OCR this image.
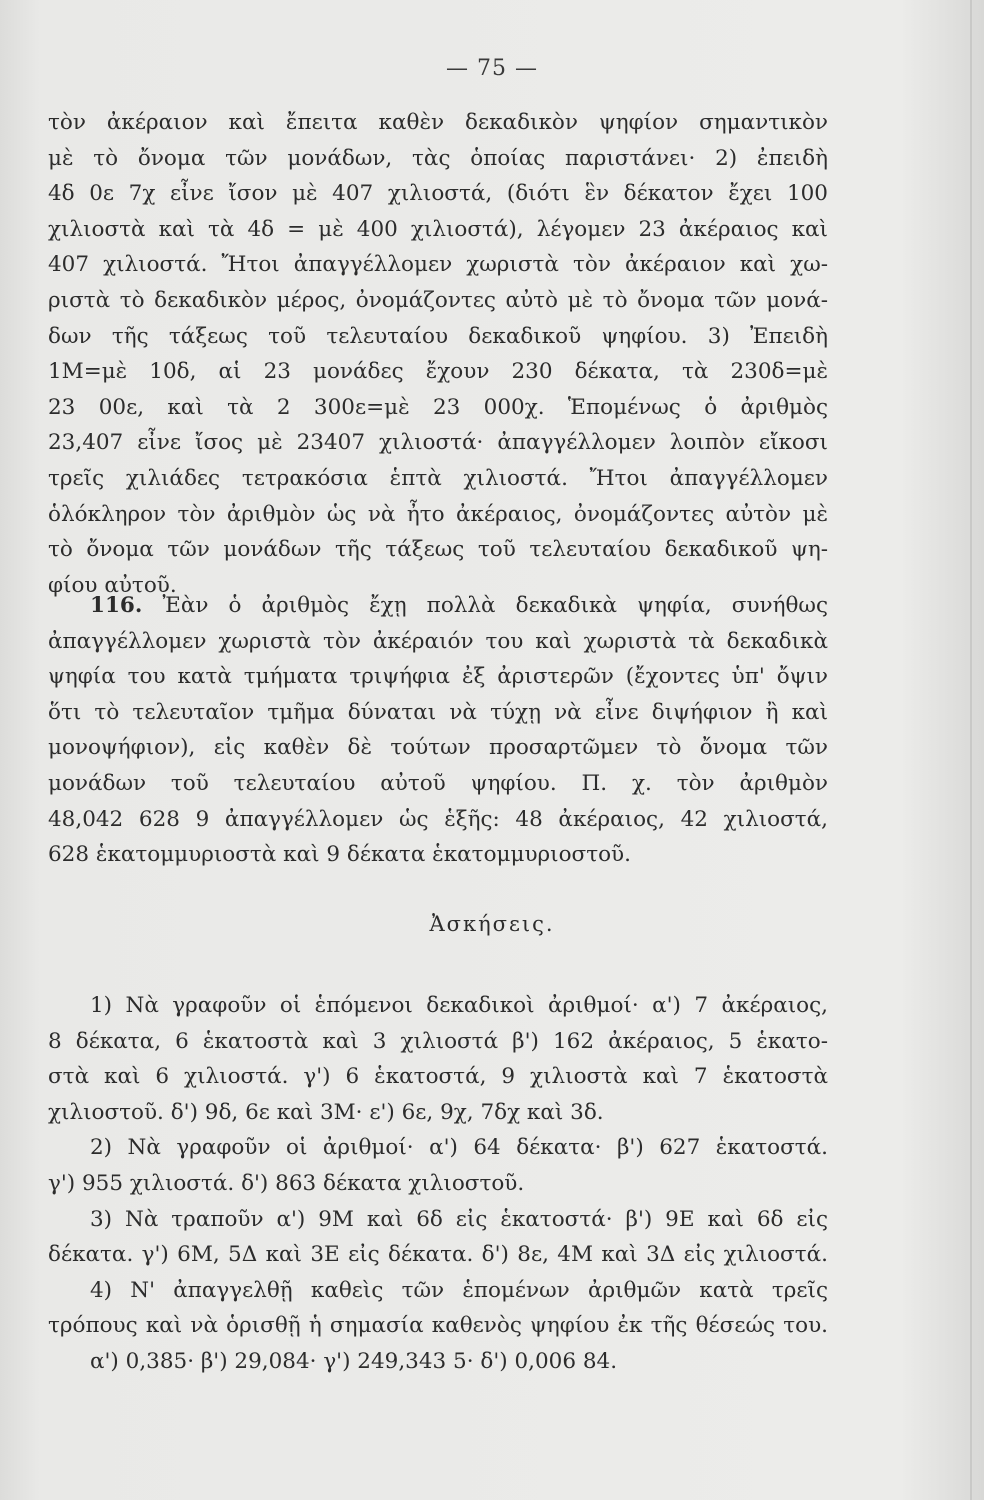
— 75 —
τὸν ἀκέραιον καὶ ἔπειτα καθὲν δεκαδικὸν ψηφίον σημαντικὸν
μὲ τὸ ὄνομα τῶν μονάδων, τὰς ὁποίας παριστάνει· 2) ἐπειδὴ
4δ 0ε 7χ εἶνε ἴσον μὲ 407 χιλιοστά, (διότι ἓν δέκατον ἔχει 100
χιλιοστὰ καὶ τὰ 4δ = μὲ 400 χιλιοστά), λέγομεν 23 ἀκέραιος καὶ
407 χιλιοστά. Ἤτοι ἀπαγγέλλομεν χωριστὰ τὸν ἀκέραιον καὶ χω-
ριστὰ τὸ δεκαδικὸν μέρος, ὀνομάζοντες αὐτὸ μὲ τὸ ὄνομα τῶν μονά-
δων τῆς τάξεως τοῦ τελευταίου δεκαδικοῦ ψηφίου. 3) Ἐπειδὴ
1Μ=μὲ 10δ, αἱ 23 μονάδες ἔχουν 230 δέκατα, τὰ 230δ=μὲ
23 00ε, καὶ τὰ 2 300ε=μὲ 23 000χ. Ἑπομένως ὁ ἀριθμὸς
23,407 εἶνε ἴσος μὲ 23407 χιλιοστά· ἀπαγγέλλομεν λοιπὸν εἴκοσι
τρεῖς χιλιάδες τετρακόσια ἑπτὰ χιλιοστά. Ἤτοι ἀπαγγέλλομεν
ὁλόκληρον τὸν ἀριθμὸν ὡς νὰ ἦτο ἀκέραιος, ὀνομάζοντες αὐτὸν μὲ
τὸ ὄνομα τῶν μονάδων τῆς τάξεως τοῦ τελευταίου δεκαδικοῦ ψη-
φίου αὐτοῦ.
116. Ἐὰν ὁ ἀριθμὸς ἔχῃ πολλὰ δεκαδικὰ ψηφία, συνήθως
ἀπαγγέλλομεν χωριστὰ τὸν ἀκέραιόν του καὶ χωριστὰ τὰ δεκαδικὰ
ψηφία του κατὰ τμήματα τριψήφια ἐξ ἀριστερῶν (ἔχοντες ὑπ' ὄψιν
ὅτι τὸ τελευταῖον τμῆμα δύναται νὰ τύχῃ νὰ εἶνε διψήφιον ἢ καὶ
μονοψήφιον), εἰς καθὲν δὲ τούτων προσαρτῶμεν τὸ ὄνομα τῶν
μονάδων τοῦ τελευταίου αὐτοῦ ψηφίου. Π. χ. τὸν ἀριθμὸν
48,042 628 9 ἀπαγγέλλομεν ὡς ἑξῆς: 48 ἀκέραιος, 42 χιλιοστά,
628 ἑκατομμυριοστὰ καὶ 9 δέκατα ἑκατομμυριοστοῦ.
Ἀσκήσεις.
1) Νὰ γραφοῦν οἱ ἑπόμενοι δεκαδικοὶ ἀριθμοί· α') 7 ἀκέραιος,
8 δέκατα, 6 ἑκατοστὰ καὶ 3 χιλιοστά β') 162 ἀκέραιος, 5 ἑκατο-
στὰ καὶ 6 χιλιοστά. γ') 6 ἑκατοστά, 9 χιλιοστὰ καὶ 7 ἑκατοστὰ
χιλιοστοῦ. δ') 9δ, 6ε καὶ 3Μ· ε') 6ε, 9χ, 7δχ καὶ 3δ.
2) Νὰ γραφοῦν οἱ ἀριθμοί· α') 64 δέκατα· β') 627 ἑκατοστά.
γ') 955 χιλιοστά. δ') 863 δέκατα χιλιοστοῦ.
3) Νὰ τραποῦν α') 9Μ καὶ 6δ εἰς ἑκατοστά· β') 9Ε καὶ 6δ εἰς
δέκατα. γ') 6Μ, 5Δ καὶ 3Ε εἰς δέκατα. δ') 8ε, 4Μ καὶ 3Δ εἰς χιλιοστά.
4) Ν' ἀπαγγελθῇ καθεὶς τῶν ἑπομένων ἀριθμῶν κατὰ τρεῖς
τρόπους καὶ νὰ ὁρισθῇ ἡ σημασία καθενὸς ψηφίου ἐκ τῆς θέσεώς του.
α') 0,385· β') 29,084· γ') 249,343 5· δ') 0,006 84.
